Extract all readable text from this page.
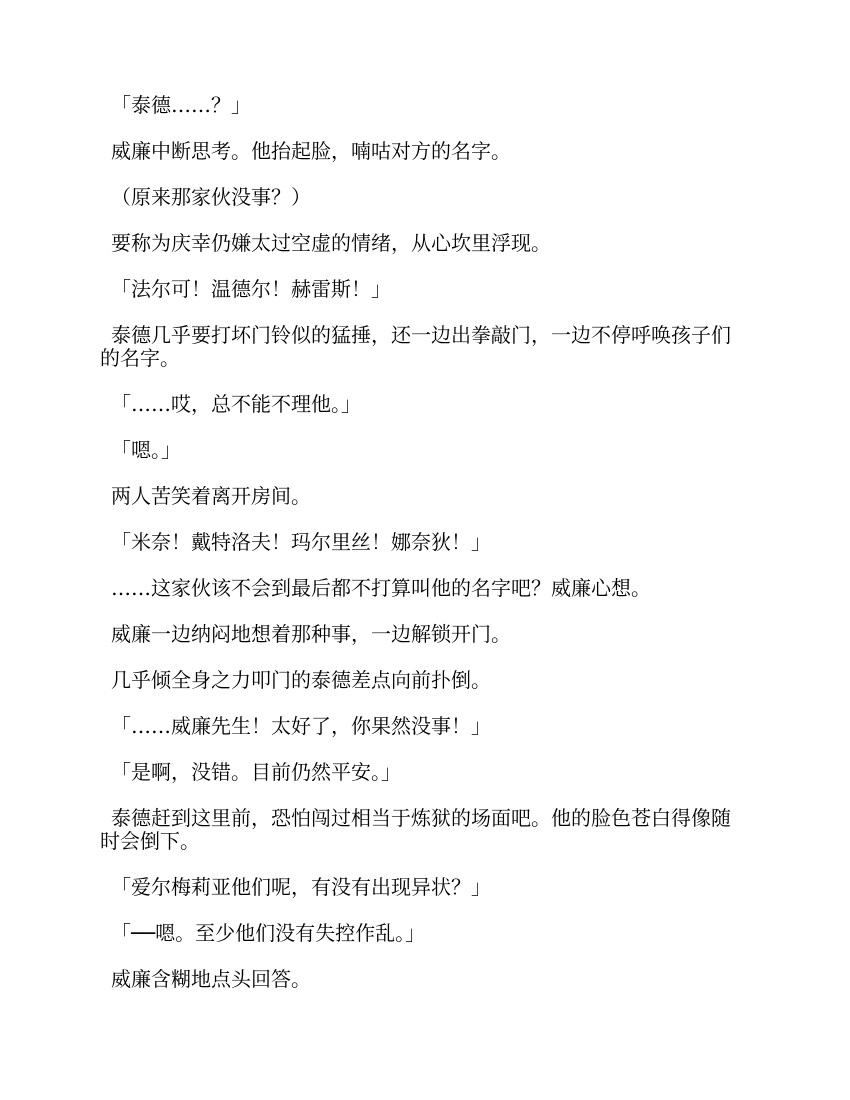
「泰德……？」

威廉中断思考。他抬起脸，喃咕对方的名字。

（原来那家伙没事？）

要称为庆幸仍嫌太过空虚的情绪，从心坎里浮现。

「法尔可！温德尔！赫雷斯！」

泰德几乎要打坏门铃似的猛捶，还一边出拳敲门，一边不停呼唤孩子们的名字。

「……哎，总不能不理他。」

「嗯。」

两人苦笑着离开房间。

「米奈！戴特洛夫！玛尔里丝！娜奈狄！」

……这家伙该不会到最后都不打算叫他的名字吧？威廉心想。

威廉一边纳闷地想着那种事，一边解锁开门。

几乎倾全身之力叩门的泰德差点向前扑倒。

「……威廉先生！太好了，你果然没事！」

「是啊，没错。目前仍然平安。」

泰德赶到这里前，恐怕闯过相当于炼狱的场面吧。他的脸色苍白得像随时会倒下。

「爱尔梅莉亚他们呢，有没有出现异状？」

「──嗯。至少他们没有失控作乱。」

威廉含糊地点头回答。
